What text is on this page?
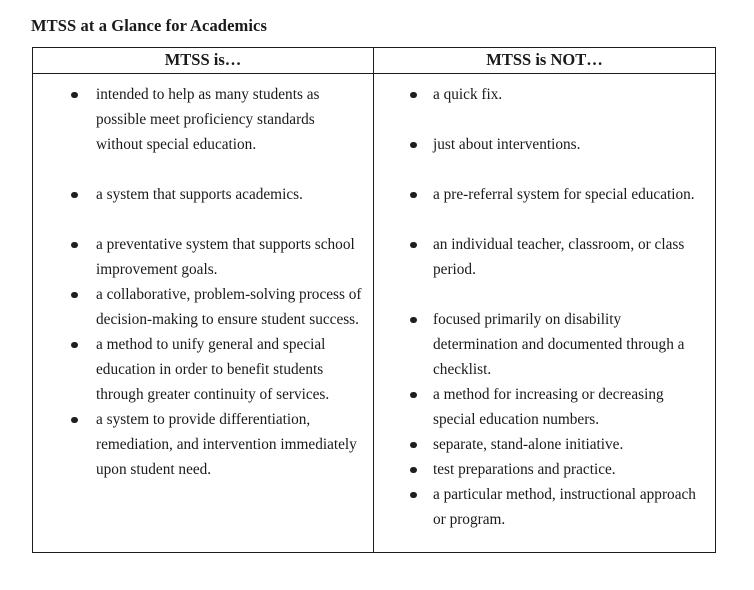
MTSS at a Glance for Academics
MTSS is…	MTSS is NOT…
intended to help as many students as possible meet proficiency standards without special education.
a system that supports academics.
a preventative system that supports school improvement goals.
a collaborative, problem-solving process of decision-making to ensure student success.
a method to unify general and special education in order to benefit students through greater continuity of services.
a system to provide differentiation, remediation, and intervention immediately upon student need.
a quick fix.
just about interventions.
a pre-referral system for special education.
an individual teacher, classroom, or class period.
focused primarily on disability determination and documented through a checklist.
a method for increasing or decreasing special education numbers.
separate, stand-alone initiative.
test preparations and practice.
a particular method, instructional approach or program.
